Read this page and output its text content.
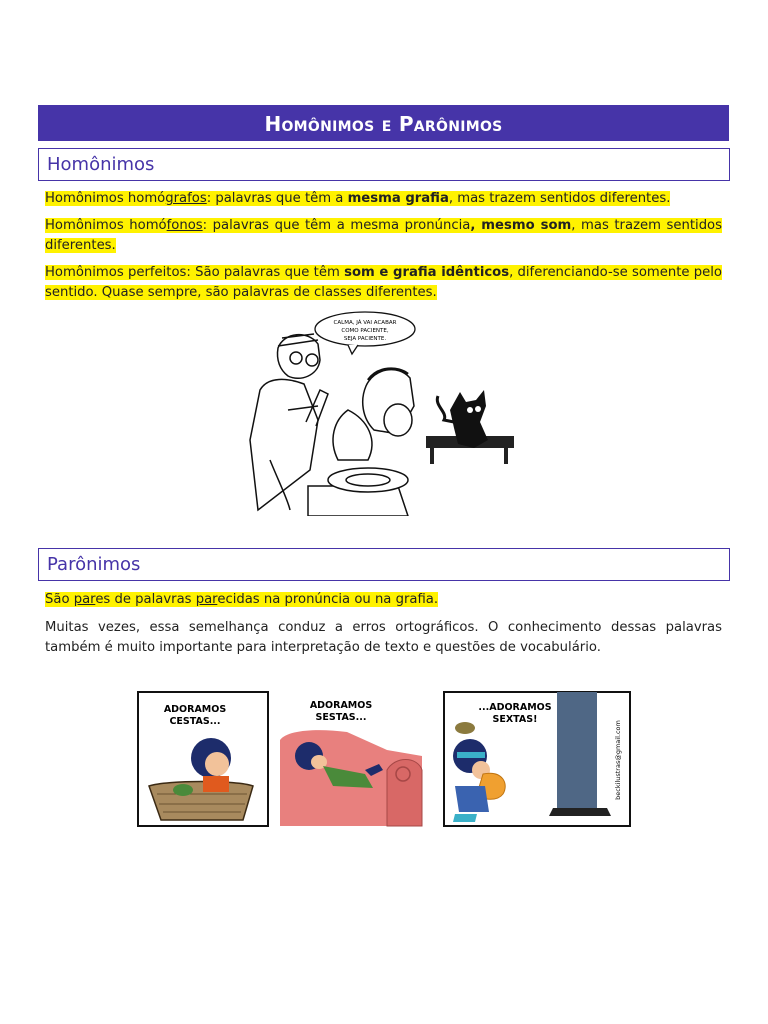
Homônimos e Parônimos
Homônimos

Homônimos homógrafos: palavras que têm a mesma grafia, mas trazem sentidos diferentes.

Homônimos homófonos: palavras que têm a mesma pronúncia, mesmo som, mas trazem sentidos diferentes.

Homônimos perfeitos: São palavras que têm som e grafia idênticos, diferenciando-se somente pelo sentido. Quase sempre, são palavras de classes diferentes.

CALMA, JÁ VAI ACABAR
COMO PACIENTE,
SEJA PACIENTE.
Parônimos

São pares de palavras parecidas na pronúncia ou na grafia.

Muitas vezes, essa semelhança conduz a erros ortográficos. O conhecimento dessas palavras também é muito importante para interpretação de texto e questões de vocabulário.

ADORAMOS
CESTAS...
ADORAMOS
SESTAS...
...ADORAMOS
SEXTAS!
beckilustras@gmail.com
